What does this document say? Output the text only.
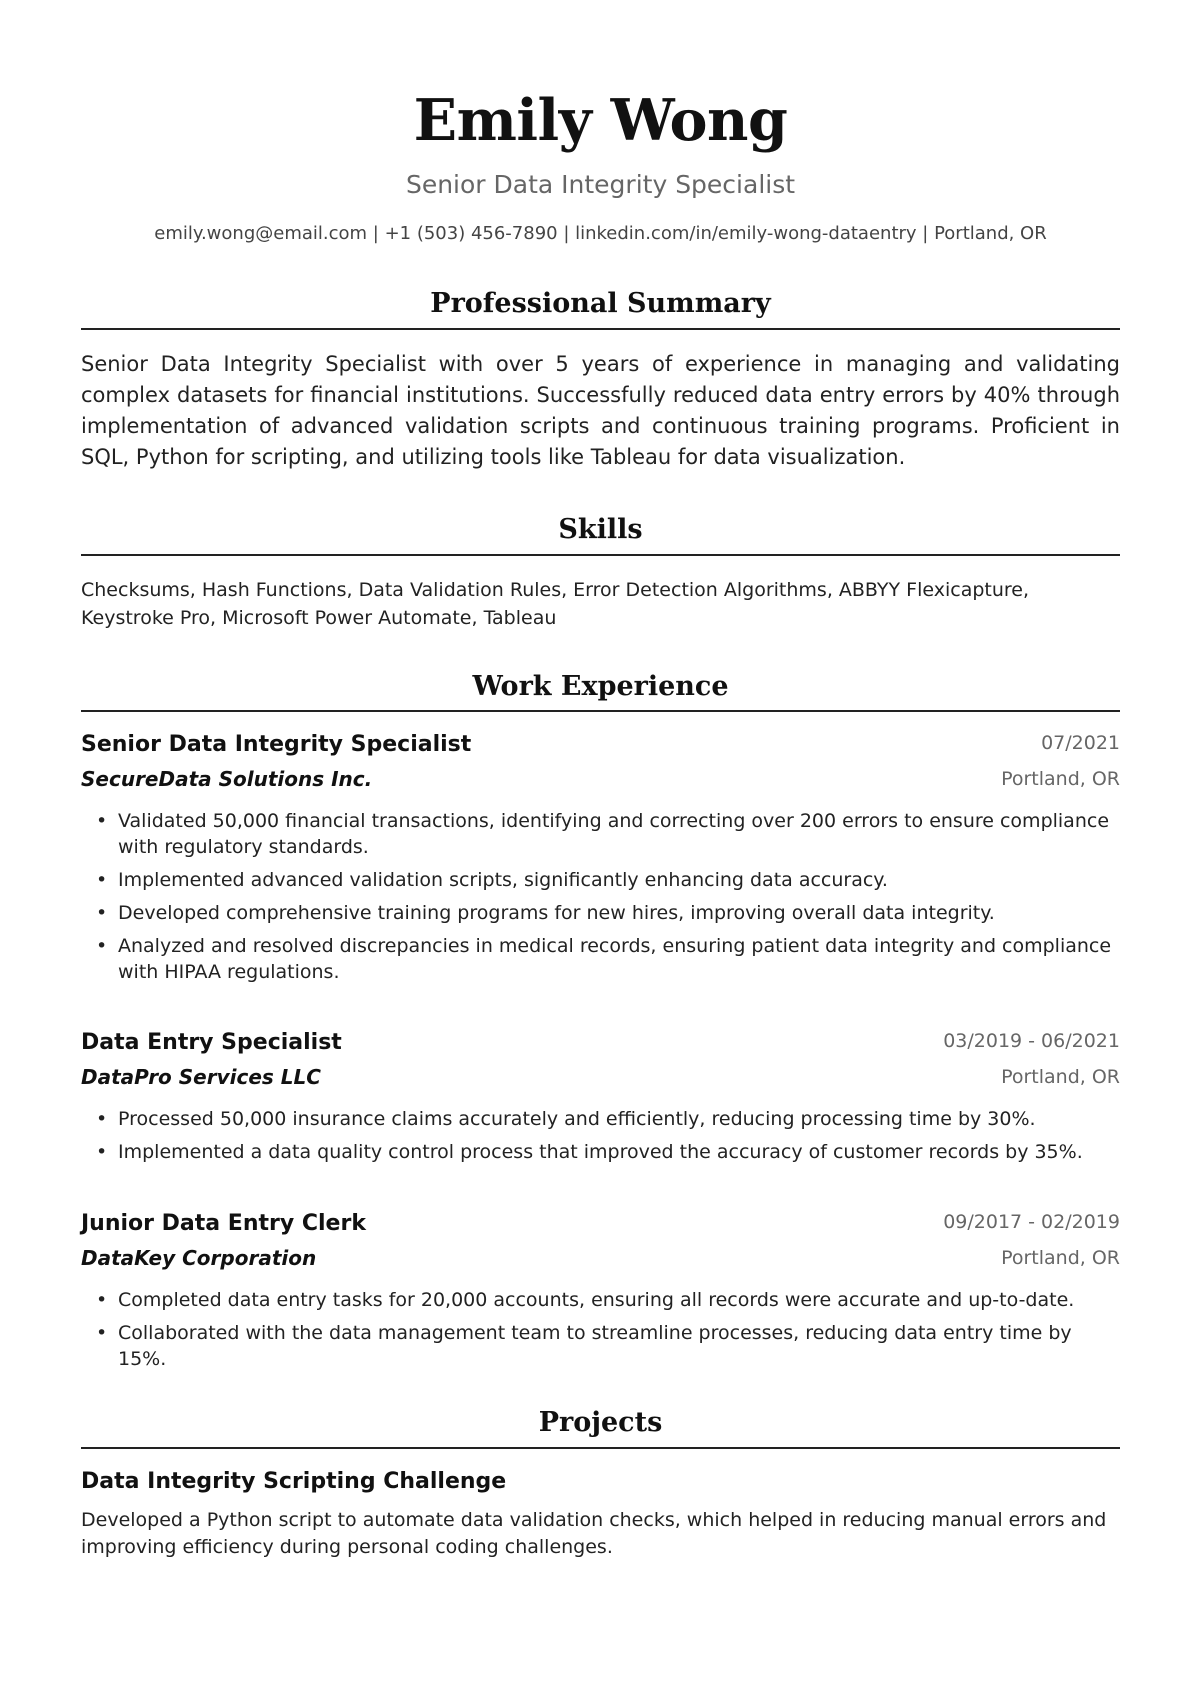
Emily Wong
Senior Data Integrity Specialist
emily.wong@email.com | +1 (503) 456-7890 | linkedin.com/in/emily-wong-dataentry | Portland, OR
Professional Summary
Senior Data Integrity Specialist with over 5 years of experience in managing and validating complex datasets for financial institutions. Successfully reduced data entry errors by 40% through implementation of advanced validation scripts and continuous training programs. Proficient in SQL, Python for scripting, and utilizing tools like Tableau for data visualization.
Skills
Checksums, Hash Functions, Data Validation Rules, Error Detection Algorithms, ABBYY Flexicapture, Keystroke Pro, Microsoft Power Automate, Tableau
Work Experience
Senior Data Integrity Specialist	07/2021
SecureData Solutions Inc.	Portland, OR
• Validated 50,000 financial transactions, identifying and correcting over 200 errors to ensure compliance with regulatory standards.
• Implemented advanced validation scripts, significantly enhancing data accuracy.
• Developed comprehensive training programs for new hires, improving overall data integrity.
• Analyzed and resolved discrepancies in medical records, ensuring patient data integrity and compliance with HIPAA regulations.
Data Entry Specialist	03/2019 - 06/2021
DataPro Services LLC	Portland, OR
• Processed 50,000 insurance claims accurately and efficiently, reducing processing time by 30%.
• Implemented a data quality control process that improved the accuracy of customer records by 35%.
Junior Data Entry Clerk	09/2017 - 02/2019
DataKey Corporation	Portland, OR
• Completed data entry tasks for 20,000 accounts, ensuring all records were accurate and up-to-date.
• Collaborated with the data management team to streamline processes, reducing data entry time by 15%.
Projects
Data Integrity Scripting Challenge
Developed a Python script to automate data validation checks, which helped in reducing manual errors and improving efficiency during personal coding challenges.
